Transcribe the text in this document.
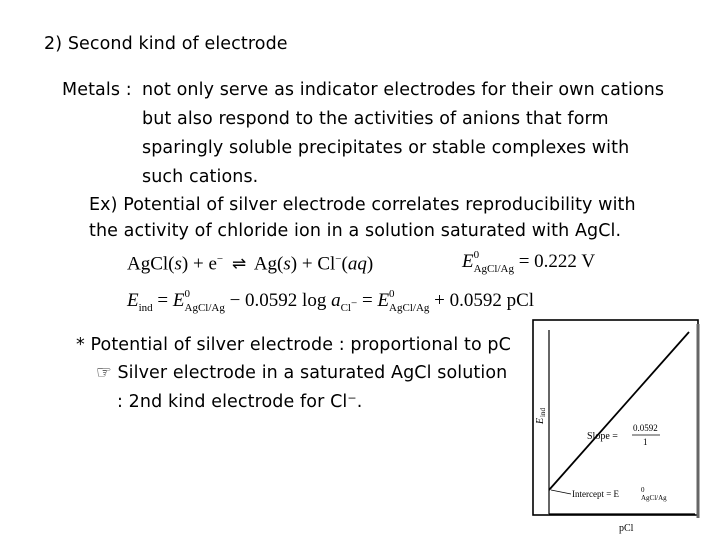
2) Second kind of electrode
Metals : not only serve as indicator electrodes for their own cations
but also respond to the activities of anions that form
sparingly soluble precipitates or stable complexes with
such cations.
Ex) Potential of silver electrode correlates reproducibility with
the activity of chloride ion in a solution saturated with AgCl.
AgCl(s) + e− ⇌ Ag(s) + Cl−(aq)	E 0
AgCl/Ag = 0.222 V
$E_{ind} = E$ 0
AgCl/Ag − 0.0592 $\log a_{Cl^-} = E$ 0
AgCl/Ag + 0.0592 pCl
* Potential of silver electrode : proportional to pC
☞ Silver electrode in a saturated AgCl solution
: 2nd kind electrode for Cl⁻.
Slope =
0.0592
1
Intercept = E	0
AgCl/Ag
E
ind
pCl
